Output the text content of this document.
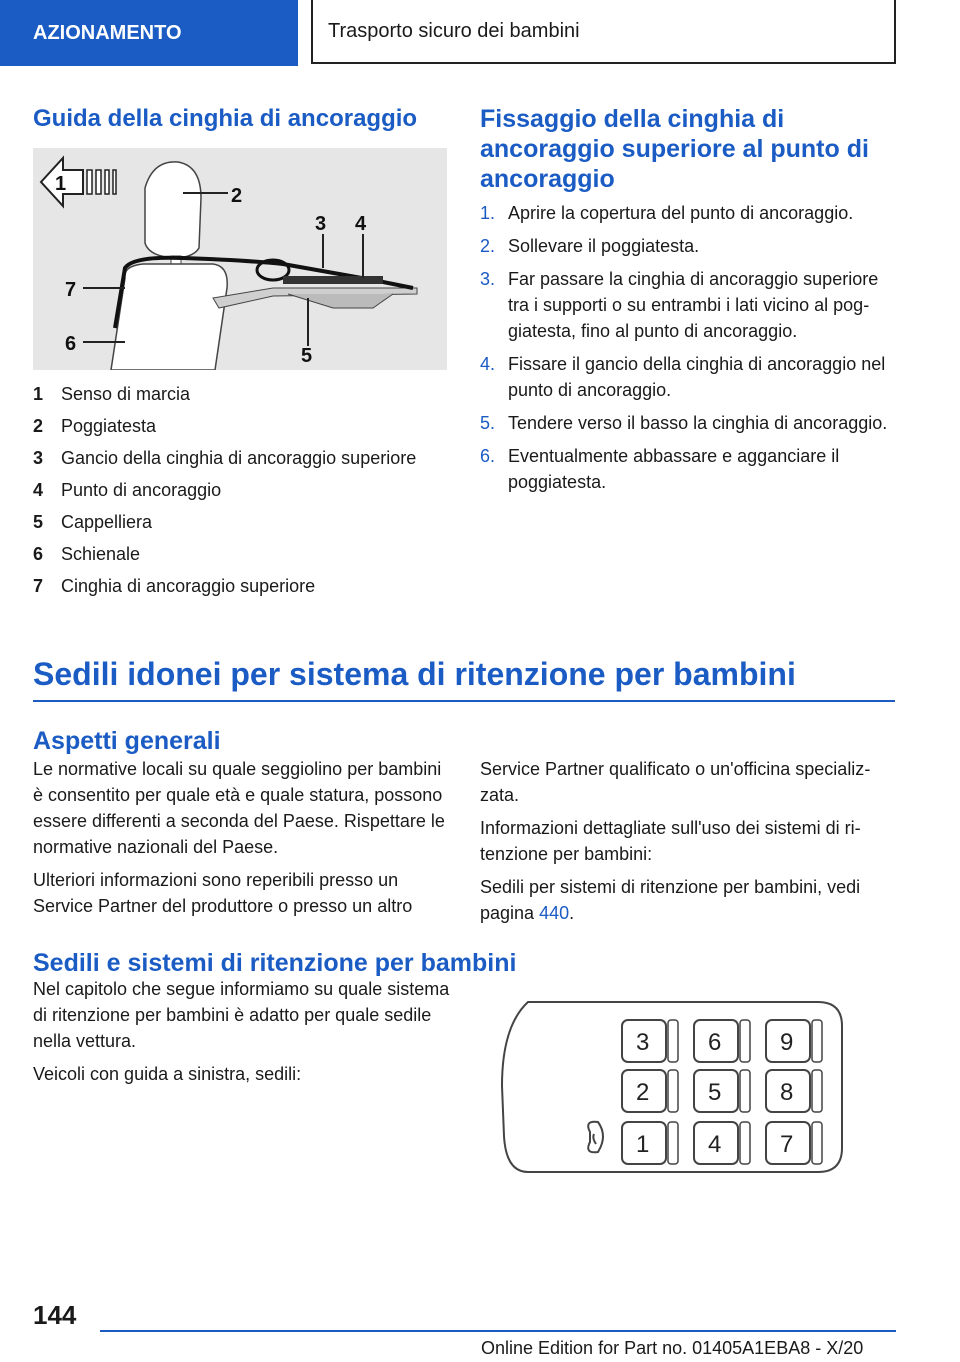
AZIONAMENTO	Trasporto sicuro dei bambini
Guida della cinghia di ancoraggio
1
2
3 4
5
6
7
1 Senso di marcia
2 Poggiatesta
3 Gancio della cinghia di ancoraggio superiore
4 Punto di ancoraggio
5 Cappelliera
6 Schienale
7 Cinghia di ancoraggio superiore
Fissaggio della cinghia di ancoraggio superiore al punto di ancoraggio
1. Aprire la copertura del punto di ancoraggio.
2. Sollevare il poggiatesta.
3. Far passare la cinghia di ancoraggio superiore tra i supporti o su entrambi i lati vicino al poggiatesta, fino al punto di ancoraggio.
4. Fissare il gancio della cinghia di ancoraggio nel punto di ancoraggio.
5. Tendere verso il basso la cinghia di ancoraggio.
6. Eventualmente abbassare e agganciare il poggiatesta.
Sedili idonei per sistema di ritenzione per bambini
Aspetti generali

Le normative locali su quale seggiolino per bambini è consentito per quale età e quale statura, possono essere differenti a seconda del Paese. Rispettare le normative nazionali del Paese.

Ulteriori informazioni sono reperibili presso un Service Partner del produttore o presso un altro

Service Partner qualificato o un'officina specializzata.

Informazioni dettagliate sull'uso dei sistemi di ritenzione per bambini:

Sedili per sistemi di ritenzione per bambini, vedi pagina 440.

Sedili e sistemi di ritenzione per bambini

Nel capitolo che segue informiamo su quale sistema di ritenzione per bambini è adatto per quale sedile nella vettura.

Veicoli con guida a sinistra, sedili:

3 6 9
2 5 8
1 4 7
144
Online Edition for Part no. 01405A1EBA8 - X/20
